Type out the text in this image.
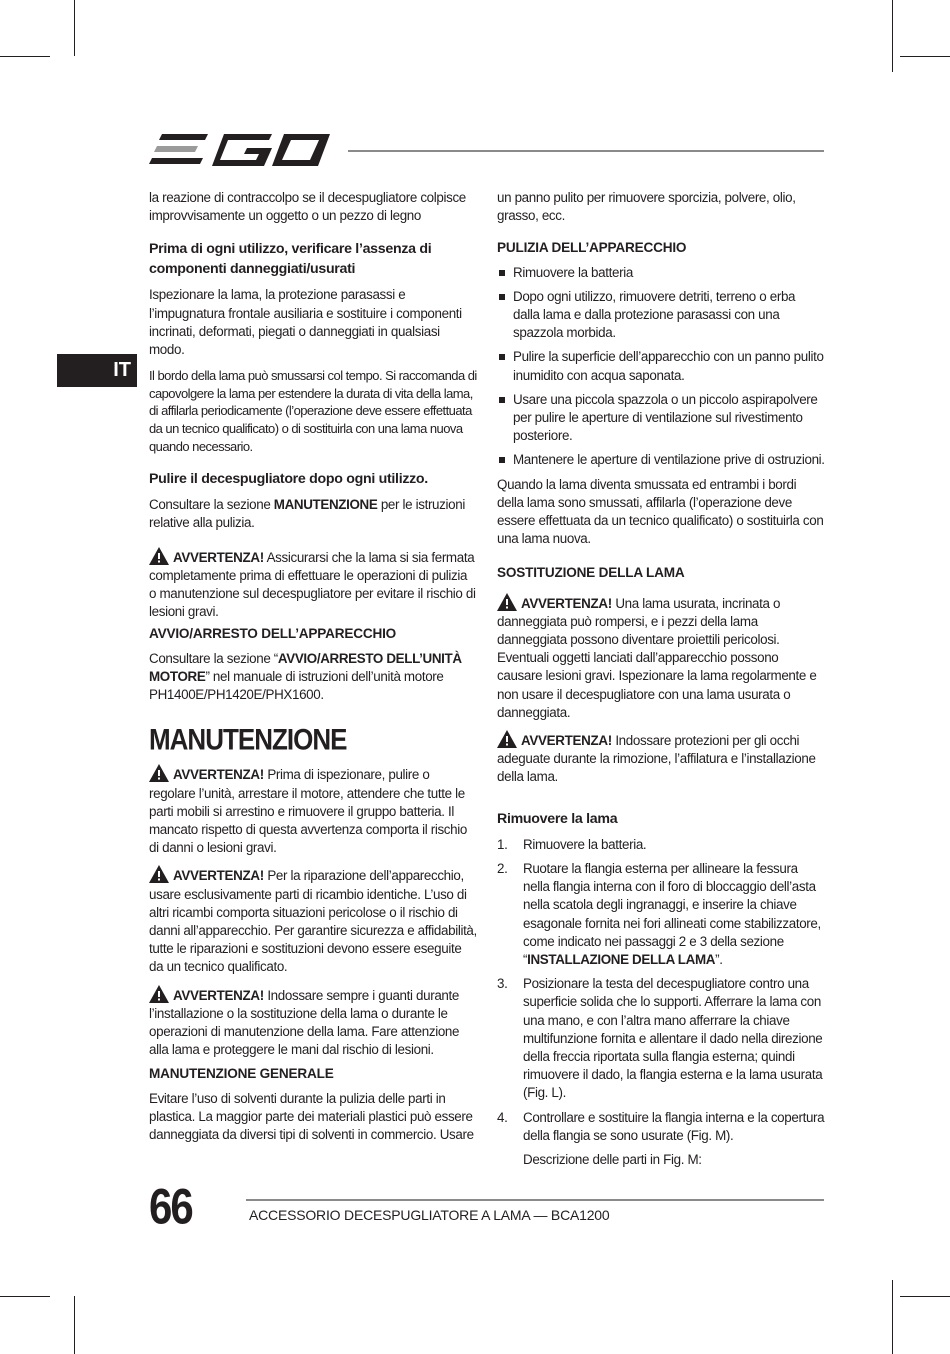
IT

la reazione di contraccolpo se il decespugliatore colpisce improvvisamente un oggetto o un pezzo di legno

Prima di ogni utilizzo, verificare l’assenza di componenti danneggiati/usurati

Ispezionare la lama, la protezione parasassi e l’impugnatura frontale ausiliaria e sostituire i componenti incrinati, deformati, piegati o danneggiati in qualsiasi modo.

Il bordo della lama può smussarsi col tempo. Si raccomanda di capovolgere la lama per estendere la durata di vita della lama, di affilarla periodicamente (l’operazione deve essere effettuata da un tecnico qualificato) o di sostituirla con una lama nuova quando necessario.

Pulire il decespugliatore dopo ogni utilizzo.

Consultare la sezione MANUTENZIONE per le istruzioni relative alla pulizia.

AVVERTENZA! Assicurarsi che la lama si sia fermata completamente prima di effettuare le operazioni di pulizia o manutenzione sul decespugliatore per evitare il rischio di lesioni gravi.

AVVIO/ARRESTO DELL’APPARECCHIO

Consultare la sezione “AVVIO/ARRESTO DELL’UNITÀ MOTORE” nel manuale di istruzioni dell’unità motore PH1400E/PH1420E/PHX1600.

MANUTENZIONE

AVVERTENZA! Prima di ispezionare, pulire o regolare l’unità, arrestare il motore, attendere che tutte le parti mobili si arrestino e rimuovere il gruppo batteria. Il mancato rispetto di questa avvertenza comporta il rischio di danni o lesioni gravi.

AVVERTENZA! Per la riparazione dell’apparecchio, usare esclusivamente parti di ricambio identiche. L’uso di altri ricambi comporta situazioni pericolose o il rischio di danni all’apparecchio. Per garantire sicurezza e affidabilità, tutte le riparazioni e sostituzioni devono essere eseguite da un tecnico qualificato.

AVVERTENZA! Indossare sempre i guanti durante l’installazione o la sostituzione della lama o durante le operazioni di manutenzione della lama. Fare attenzione alla lama e proteggere le mani dal rischio di lesioni.

MANUTENZIONE GENERALE

Evitare l’uso di solventi durante la pulizia delle parti in plastica. La maggior parte dei materiali plastici può essere danneggiata da diversi tipi di solventi in commercio. Usare

un panno pulito per rimuovere sporcizia, polvere, olio, grasso, ecc.

PULIZIA DELL’APPARECCHIO
Rimuovere la batteria
Dopo ogni utilizzo, rimuovere detriti, terreno o erba dalla lama e dalla protezione parasassi con una spazzola morbida.
Pulire la superficie dell’apparecchio con un panno pulito inumidito con acqua saponata.
Usare una piccola spazzola o un piccolo aspirapolvere per pulire le aperture di ventilazione sul rivestimento posteriore.
Mantenere le aperture di ventilazione prive di ostruzioni.

Quando la lama diventa smussata ed entrambi i bordi della lama sono smussati, affilarla (l’operazione deve essere effettuata da un tecnico qualificato) o sostituirla con una lama nuova.

SOSTITUZIONE DELLA LAMA

AVVERTENZA! Una lama usurata, incrinata o danneggiata può rompersi, e i pezzi della lama danneggiata possono diventare proiettili pericolosi. Eventuali oggetti lanciati dall’apparecchio possono causare lesioni gravi. Ispezionare la lama regolarmente e non usare il decespugliatore con una lama usurata o danneggiata.

AVVERTENZA! Indossare protezioni per gli occhi adeguate durante la rimozione, l’affilatura e l’installazione della lama.

Rimuovere la lama
1. Rimuovere la batteria.
2. Ruotare la flangia esterna per allineare la fessura nella flangia interna con il foro di bloccaggio dell’asta nella scatola degli ingranaggi, e inserire la chiave esagonale fornita nei fori allineati come stabilizzatore, come indicato nei passaggi 2 e 3 della sezione “INSTALLAZIONE DELLA LAMA”.
3. Posizionare la testa del decespugliatore contro una superficie solida che lo supporti. Afferrare la lama con una mano, e con l’altra mano afferrare la chiave multifunzione fornita e allentare il dado nella direzione della freccia riportata sulla flangia esterna; quindi rimuovere il dado, la flangia esterna e la lama usurata (Fig. L).
4. Controllare e sostituire la flangia interna e la copertura della flangia se sono usurate (Fig. M).

Descrizione delle parti in Fig. M:

66	ACCESSORIO DECESPUGLIATORE A LAMA — BCA1200
